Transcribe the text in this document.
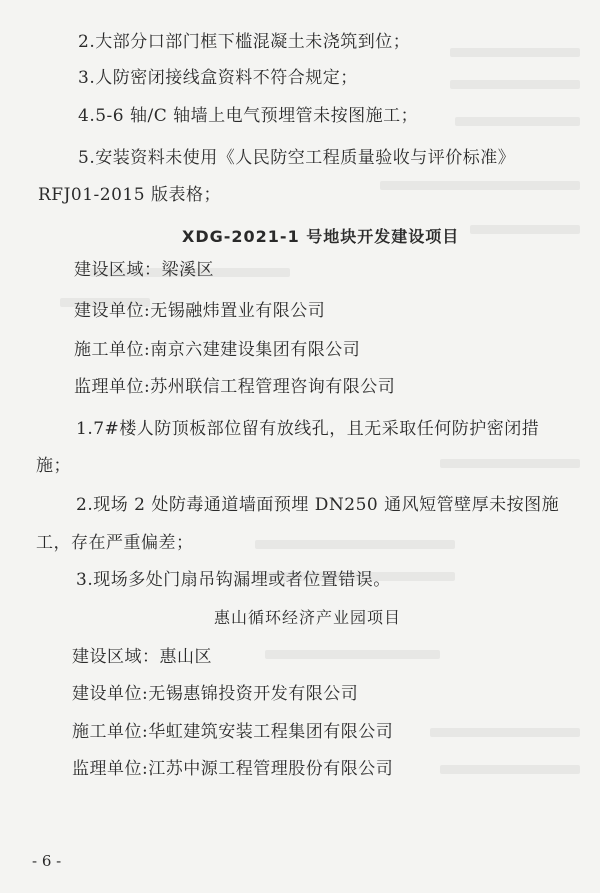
2.大部分口部门框下槛混凝土未浇筑到位；
3.人防密闭接线盒资料不符合规定；
4.5-6 轴/C 轴墙上电气预埋管未按图施工；
5.安装资料未使用《人民防空工程质量验收与评价标准》
RFJ01-2015 版表格；
XDG-2021-1 号地块开发建设项目
建设区域：梁溪区
建设单位:无锡融炜置业有限公司
施工单位:南京六建建设集团有限公司
监理单位:苏州联信工程管理咨询有限公司
1.7#楼人防顶板部位留有放线孔，且无采取任何防护密闭措
施；
2.现场 2 处防毒通道墙面预埋 DN250 通风短管壁厚未按图施
工，存在严重偏差；
3.现场多处门扇吊钩漏埋或者位置错误。
惠山循环经济产业园项目
建设区域：惠山区
建设单位:无锡惠锦投资开发有限公司
施工单位:华虹建筑安装工程集团有限公司
监理单位:江苏中源工程管理股份有限公司
- 6 -
